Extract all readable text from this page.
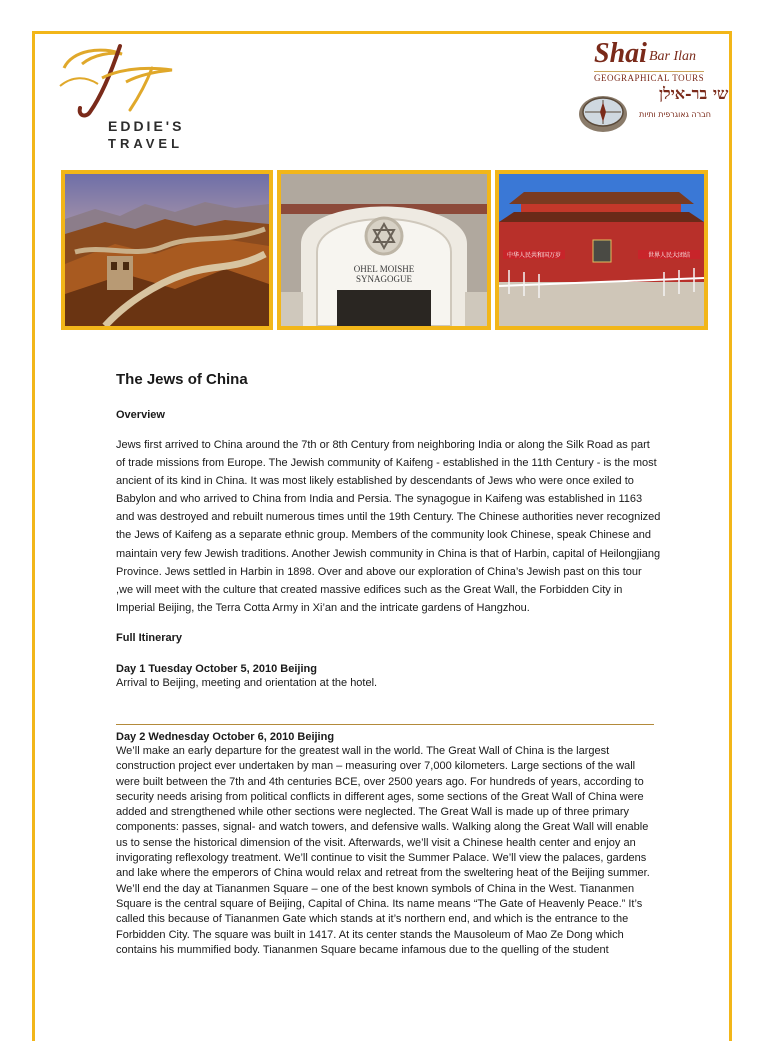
EDDIE'S
TRAVEL
Shai Bar Ilan
GEOGRAPHICAL TOURS
שי בר-אילן
חברה גאוגרפית ותיות
OHEL MOISHE
SYNAGOGUE
中华人民共和国万岁	世界人民大团结
The Jews of China
Overview

Jews first arrived to China around the 7th or 8th Century from neighboring India or along the Silk Road as part of trade missions from Europe. The Jewish community of Kaifeng - established in the 11th Century - is the most ancient of its kind in China. It was most likely established by descendants of Jews who were once exiled to Babylon and who arrived to China from India and Persia. The synagogue in Kaifeng was established in 1163 and was destroyed and rebuilt numerous times until the 19th Century. The Chinese authorities never recognized the Jews of Kaifeng as a separate ethnic group. Members of the community look Chinese, speak Chinese and maintain very few Jewish traditions. Another Jewish community in China is that of Harbin, capital of Heilongjiang Province. Jews settled in Harbin in 1898. Over and above our exploration of China’s Jewish past on this tour ,we will meet with the culture that created massive edifices such as the Great Wall, the Forbidden City in Imperial Beijing, the Terra Cotta Army in Xi’an and the intricate gardens of Hangzhou.

Full Itinerary
Day 1 Tuesday October 5, 2010 Beijing
Arrival to Beijing, meeting and orientation at the hotel.
Day 2 Wednesday October 6, 2010 Beijing
We’ll make an early departure for the greatest wall in the world. The Great Wall of China is the largest construction project ever undertaken by man – measuring over 7,000 kilometers. Large sections of the wall were built between the 7th and 4th centuries BCE, over 2500 years ago. For hundreds of years, according to security needs arising from political conflicts in different ages, some sections of the Great Wall of China were added and strengthened while other sections were neglected. The Great Wall is made up of three primary components: passes, signal- and watch towers, and defensive walls. Walking along the Great Wall will enable us to sense the historical dimension of the visit. Afterwards, we’ll visit a Chinese health center and enjoy an invigorating reflexology treatment. We’ll continue to visit the Summer Palace. We’ll view the palaces, gardens and lake where the emperors of China would relax and retreat from the sweltering heat of the Beijing summer. We’ll end the day at Tiananmen Square – one of the best known symbols of China in the West. Tiananmen Square is the central square of Beijing, Capital of China. Its name means “The Gate of Heavenly Peace.” It’s called this because of Tiananmen Gate which stands at it’s northern end, and which is the entrance to the Forbidden City. The square was built in 1417. At its center stands the Mausoleum of Mao Ze Dong which contains his mummified body. Tiananmen Square became infamous due to the quelling of the student
